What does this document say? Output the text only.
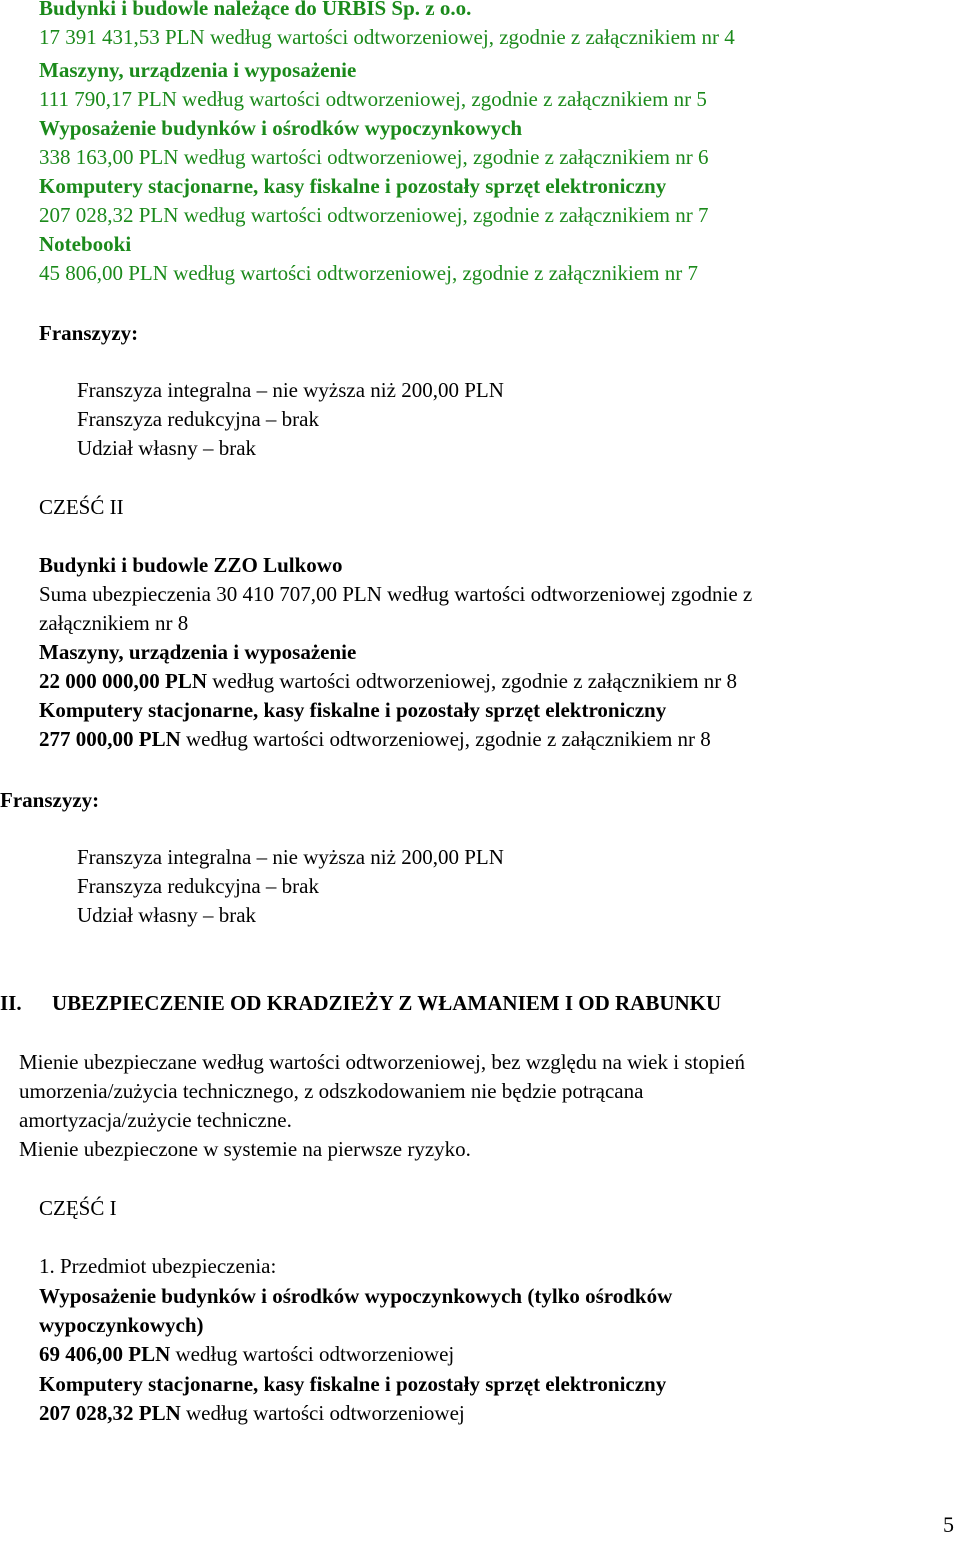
Budynki i budowle należące do URBIS Sp. z o.o.
17 391 431,53 PLN według wartości odtworzeniowej, zgodnie z załącznikiem nr 4
Maszyny, urządzenia i wyposażenie
111 790,17 PLN według wartości odtworzeniowej, zgodnie z załącznikiem nr 5
Wyposażenie budynków i ośrodków wypoczynkowych
338 163,00 PLN według wartości odtworzeniowej, zgodnie z załącznikiem nr 6
Komputery stacjonarne, kasy fiskalne i pozostały sprzęt elektroniczny
207 028,32 PLN według wartości odtworzeniowej, zgodnie z załącznikiem nr 7
Notebooki
45 806,00 PLN według wartości odtworzeniowej, zgodnie z załącznikiem nr 7
Franszyzy:
Franszyza integralna – nie wyższa niż 200,00 PLN
Franszyza redukcyjna – brak
Udział własny – brak
CZEŚĆ II
Budynki i budowle ZZO Lulkowo
Suma ubezpieczenia 30 410 707,00 PLN według wartości odtworzeniowej zgodnie z
załącznikiem nr 8
Maszyny, urządzenia i wyposażenie
22 000 000,00 PLN według wartości odtworzeniowej, zgodnie z załącznikiem nr 8
Komputery stacjonarne, kasy fiskalne i pozostały sprzęt elektroniczny
277 000,00 PLN według wartości odtworzeniowej, zgodnie z załącznikiem nr 8
Franszyzy:
Franszyza integralna – nie wyższa niż 200,00 PLN
Franszyza redukcyjna – brak
Udział własny – brak
II. UBEZPIECZENIE OD KRADZIEŻY Z WŁAMANIEM I OD RABUNKU
Mienie ubezpieczane według wartości odtworzeniowej, bez względu na wiek i stopień
umorzenia/zużycia technicznego, z odszkodowaniem nie będzie potrącana
amortyzacja/zużycie techniczne.
Mienie ubezpieczone w systemie na pierwsze ryzyko.
CZĘŚĆ I
1. Przedmiot ubezpieczenia:
Wyposażenie budynków i ośrodków wypoczynkowych (tylko ośrodków
wypoczynkowych)
69 406,00 PLN według wartości odtworzeniowej
Komputery stacjonarne, kasy fiskalne i pozostały sprzęt elektroniczny
207 028,32 PLN według wartości odtworzeniowej
5
